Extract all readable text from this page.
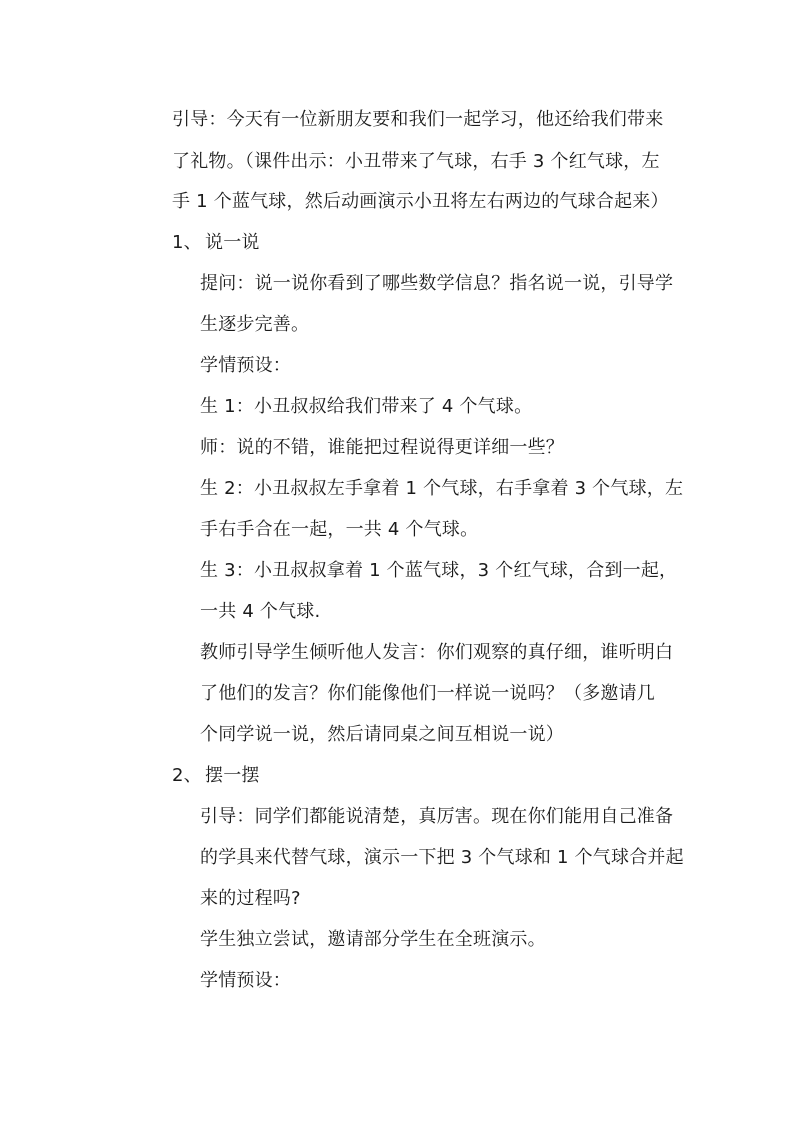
引导：今天有一位新朋友要和我们一起学习，他还给我们带来
了礼物。（课件出示：小丑带来了气球，右手 3 个红气球，左
手 1 个蓝气球，然后动画演示小丑将左右两边的气球合起来）
1、 说一说
提问：说一说你看到了哪些数学信息？指名说一说，引导学
生逐步完善。
学情预设：
生 1：小丑叔叔给我们带来了 4 个气球。
师：说的不错，谁能把过程说得更详细一些？
生 2：小丑叔叔左手拿着 1 个气球，右手拿着 3 个气球，左
手右手合在一起，一共 4 个气球。
生 3：小丑叔叔拿着 1 个蓝气球，3 个红气球，合到一起，
一共 4 个气球.
教师引导学生倾听他人发言：你们观察的真仔细，谁听明白
了他们的发言？你们能像他们一样说一说吗？（多邀请几
个同学说一说，然后请同桌之间互相说一说）
2、 摆一摆
引导：同学们都能说清楚，真厉害。现在你们能用自己准备
的学具来代替气球，演示一下把 3 个气球和 1 个气球合并起
来的过程吗?
学生独立尝试，邀请部分学生在全班演示。
学情预设：
